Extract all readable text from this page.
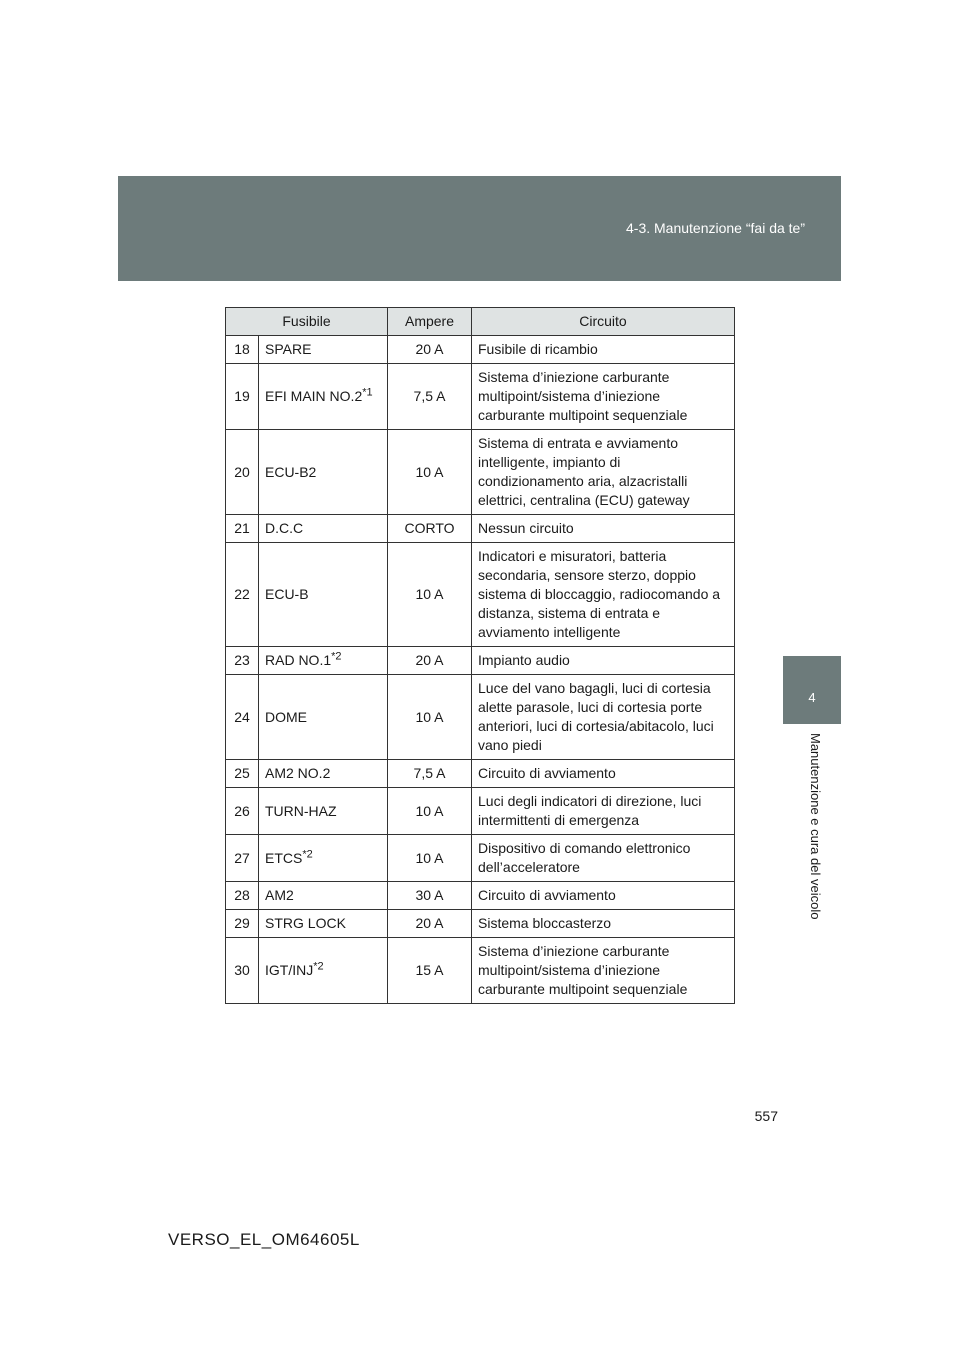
4-3. Manutenzione “fai da te”
4
Manutenzione e cura del veicolo
Fusibile		Ampere	Circuito
18	SPARE	20 A	Fusibile di ricambio
19	EFI MAIN NO.2$^{*1}$	7,5 A	Sistema d’iniezione carburante multipoint/sistema d’iniezione carburante multipoint sequenziale
20	ECU-B2	10 A	Sistema di entrata e avviamento intelligente, impianto di condizionamento aria, alzacristalli elettrici, centralina (ECU) gateway
21	D.C.C	CORTO	Nessun circuito
22	ECU-B	10 A	Indicatori e misuratori, batteria secondaria, sensore sterzo, doppio sistema di bloccaggio, radiocomando a distanza, sistema di entrata e avviamento intelligente
23	RAD NO.1$^{*2}$	20 A	Impianto audio
24	DOME	10 A	Luce del vano bagagli, luci di cortesia alette parasole, luci di cortesia porte anteriori, luci di cortesia/abitacolo, luci vano piedi
25	AM2 NO.2	7,5 A	Circuito di avviamento
26	TURN-HAZ	10 A	Luci degli indicatori di direzione, luci intermittenti di emergenza
27	ETCS$^{*2}$	10 A	Dispositivo di comando elettronico dell’acceleratore
28	AM2	30 A	Circuito di avviamento
29	STRG LOCK	20 A	Sistema bloccasterzo
30	IGT/INJ$^{*2}$	15 A	Sistema d’iniezione carburante multipoint/sistema d’iniezione carburante multipoint sequenziale
557
VERSO_EL_OM64605L
